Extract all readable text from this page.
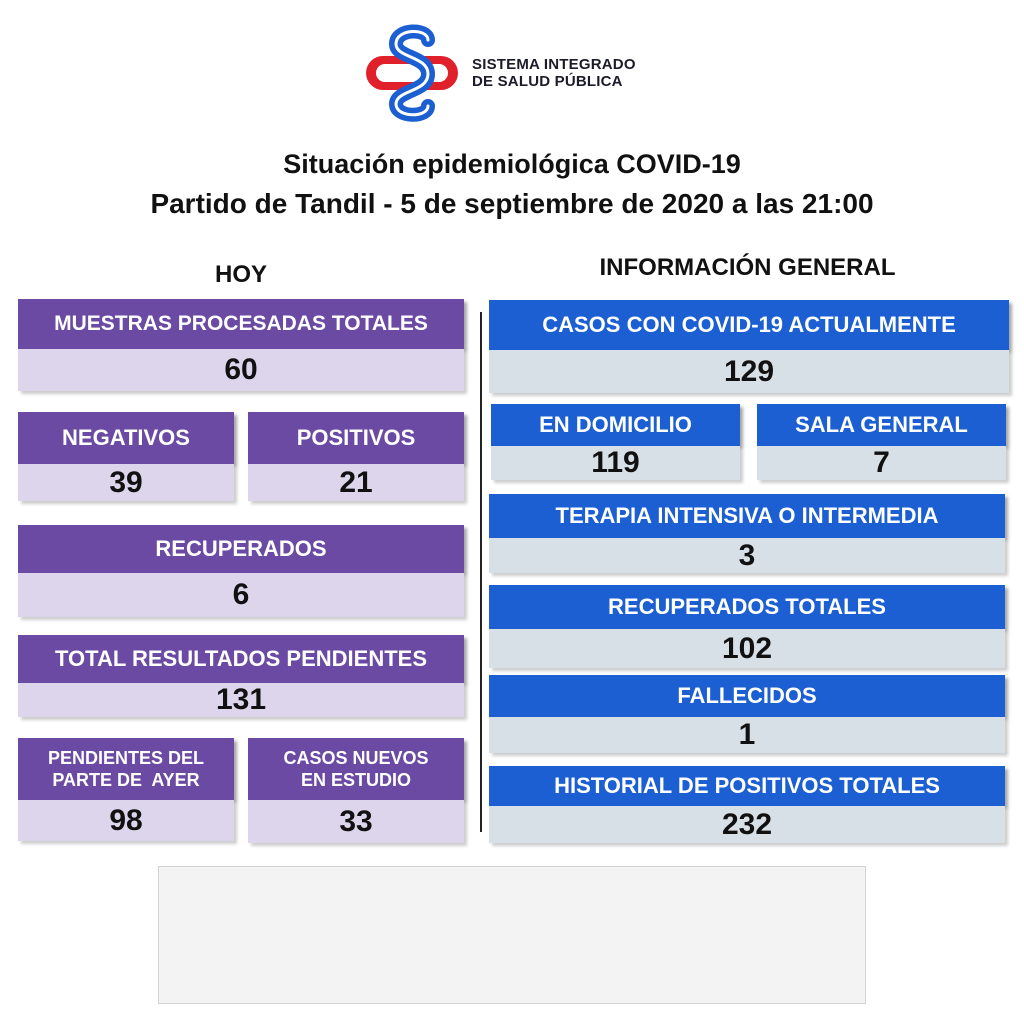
SISTEMA INTEGRADO
DE SALUD PÚBLICA
Situación epidemiológica COVID-19
Partido de Tandil - 5 de septiembre de 2020 a las 21:00
HOY	INFORMACIÓN GENERAL
MUESTRAS PROCESADAS TOTALES
60
NEGATIVOS
39
POSITIVOS
21
RECUPERADOS
6
TOTAL RESULTADOS PENDIENTES
131
PENDIENTES DEL
PARTE DE  AYER
98
CASOS NUEVOS
EN ESTUDIO
33
CASOS CON COVID-19 ACTUALMENTE
129
EN DOMICILIO
119
SALA GENERAL
7
TERAPIA INTENSIVA O INTERMEDIA
3
RECUPERADOS TOTALES
102
FALLECIDOS
1
HISTORIAL DE POSITIVOS TOTALES
232
